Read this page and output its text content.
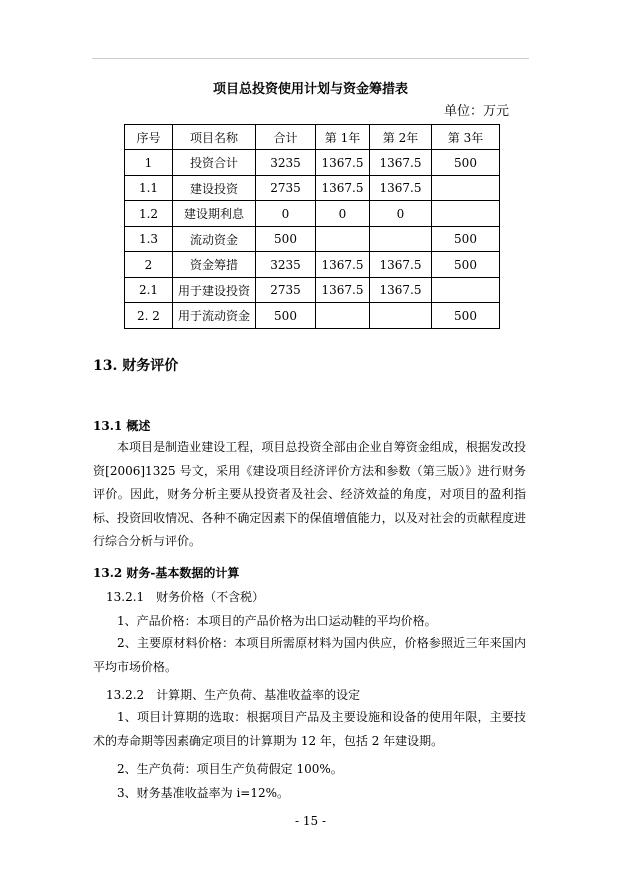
项目总投资使用计划与资金筹措表
单位：万元
序号	项目名称	合计	第 1年	第 2年	第 3年
1	投资合计	3235	1367.5	1367.5	500
1.1	建设投资	2735	1367.5	1367.5	
1.2	建设期利息	0	0	0	
1.3	流动资金	500			500
2	资金筹措	3235	1367.5	1367.5	500
2.1	用于建设投资	2735	1367.5	1367.5	
2. 2	用于流动资金	500			500
13. 财务评价
13.1 概述
本项目是制造业建设工程，项目总投资全部由企业自筹资金组成，根据发改投资[2006]1325 号文，采用《建设项目经济评价方法和参数（第三版）》进行财务评价。因此，财务分析主要从投资者及社会、经济效益的角度，对项目的盈利指标、投资回收情况、各种不确定因素下的保值增值能力，以及对社会的贡献程度进行综合分析与评价。
13.2 财务-基本数据的计算
13.2.1　财务价格（不含税）
1、产品价格：本项目的产品价格为出口运动鞋的平均价格。
2、主要原材料价格：本项目所需原材料为国内供应，价格参照近三年来国内平均市场价格。
13.2.2　计算期、生产负荷、基准收益率的设定
1、项目计算期的选取：根据项目产品及主要设施和设备的使用年限，主要技术的寿命期等因素确定项目的计算期为 12 年，包括 2 年建设期。
2、生产负荷：项目生产负荷假定 100%。
3、财务基准收益率为 i=12%。
- 15 -
